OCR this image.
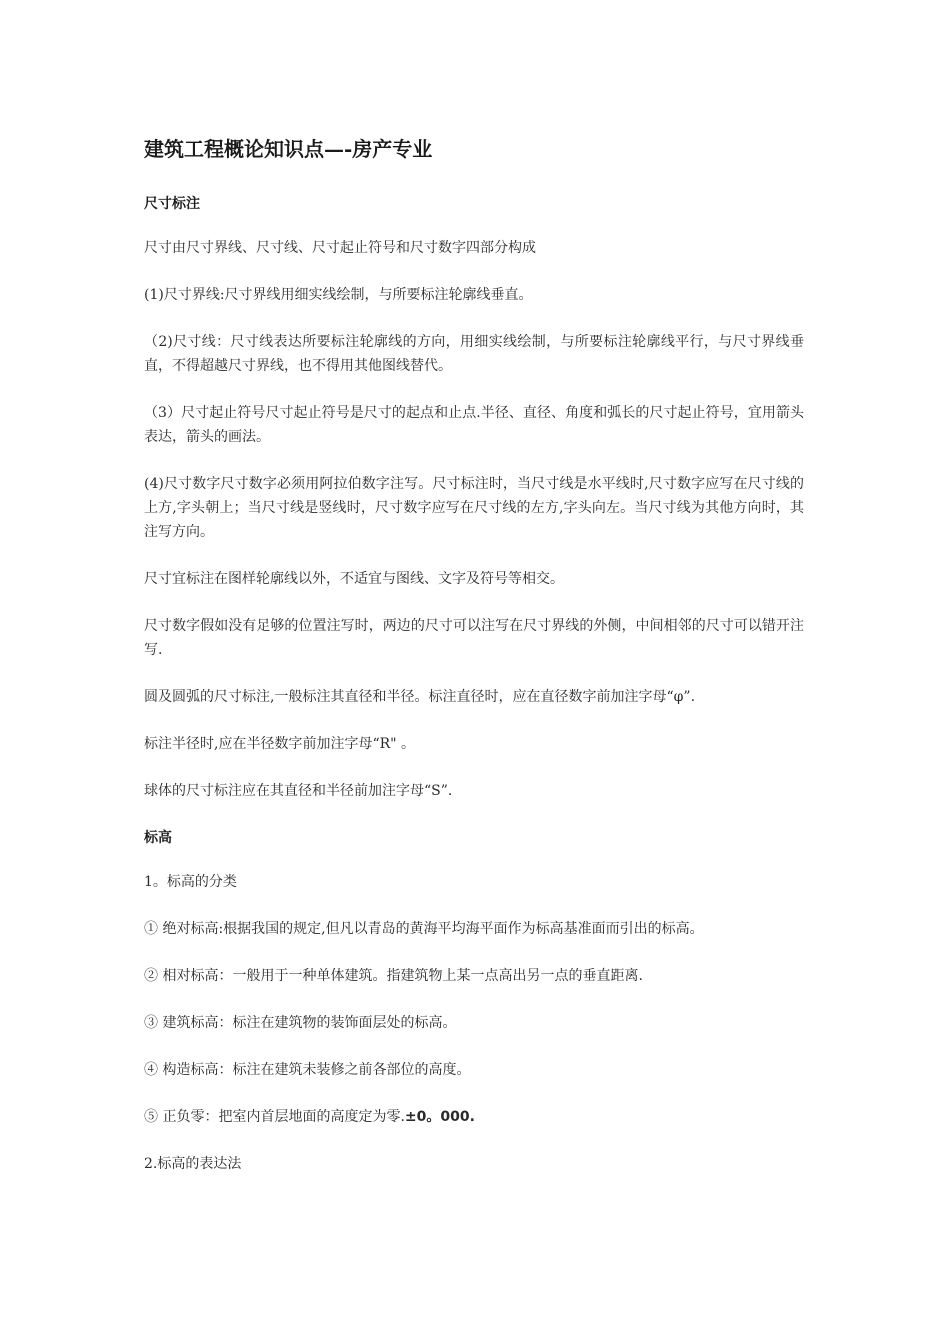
建筑工程概论知识点—-房产专业
尺寸标注

尺寸由尺寸界线、尺寸线、尺寸起止符号和尺寸数字四部分构成

(1)尺寸界线:尺寸界线用细实线绘制，与所要标注轮廓线垂直。

（2)尺寸线：尺寸线表达所要标注轮廓线的方向，用细实线绘制，与所要标注轮廓线平行，与尺寸界线垂直，不得超越尺寸界线，也不得用其他图线替代。

（3）尺寸起止符号尺寸起止符号是尺寸的起点和止点.半径、直径、角度和弧长的尺寸起止符号，宜用箭头表达，箭头的画法。

(4)尺寸数字尺寸数字必须用阿拉伯数字注写。尺寸标注时，当尺寸线是水平线时,尺寸数字应写在尺寸线的上方,字头朝上；当尺寸线是竖线时，尺寸数字应写在尺寸线的左方,字头向左。当尺寸线为其他方向时，其注写方向。

尺寸宜标注在图样轮廓线以外，不适宜与图线、文字及符号等相交。

尺寸数字假如没有足够的位置注写时，两边的尺寸可以注写在尺寸界线的外侧，中间相邻的尺寸可以错开注写.

圆及圆弧的尺寸标注,一般标注其直径和半径。标注直径时，应在直径数字前加注字母“φ”.

标注半径时,应在半径数字前加注字母“R" 。

球体的尺寸标注应在其直径和半径前加注字母“S”.

标高

1。标高的分类

① 绝对标高:根据我国的规定,但凡以青岛的黄海平均海平面作为标高基准面而引出的标高。

② 相对标高：一般用于一种单体建筑。指建筑物上某一点高出另一点的垂直距离.

③ 建筑标高：标注在建筑物的装饰面层处的标高。

④ 构造标高：标注在建筑未装修之前各部位的高度。

⑤ 正负零：把室内首层地面的高度定为零.±0。000.

2.标高的表达法
